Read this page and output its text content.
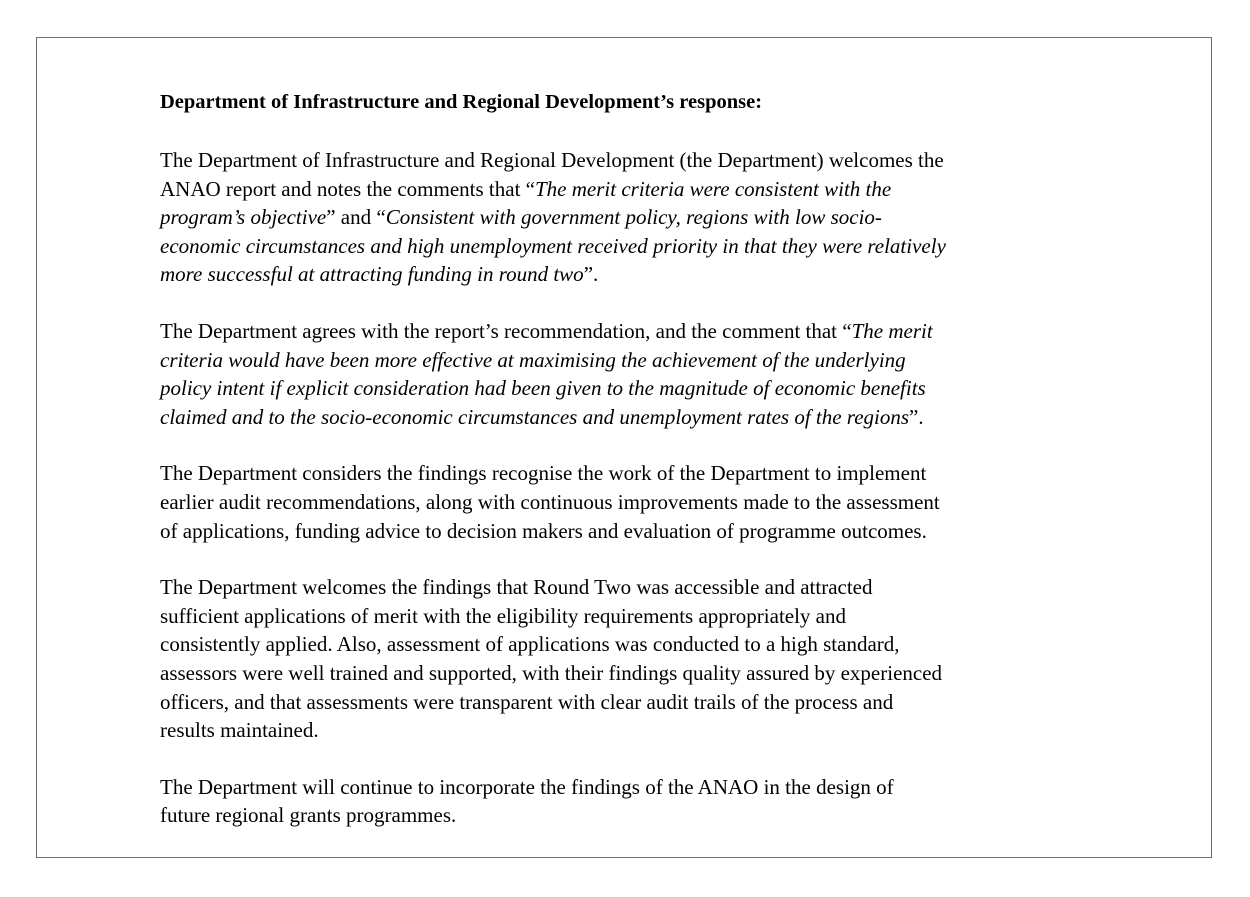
Department of Infrastructure and Regional Development’s response:
The Department of Infrastructure and Regional Development (the Department) welcomes the
ANAO report and notes the comments that “The merit criteria were consistent with the
program’s objective” and “Consistent with government policy, regions with low socio-
economic circumstances and high unemployment received priority in that they were relatively
more successful at attracting funding in round two”.
The Department agrees with the report’s recommendation, and the comment that “The merit
criteria would have been more effective at maximising the achievement of the underlying
policy intent if explicit consideration had been given to the magnitude of economic benefits
claimed and to the socio-economic circumstances and unemployment rates of the regions”.
The Department considers the findings recognise the work of the Department to implement
earlier audit recommendations, along with continuous improvements made to the assessment
of applications, funding advice to decision makers and evaluation of programme outcomes.
The Department welcomes the findings that Round Two was accessible and attracted
sufficient applications of merit with the eligibility requirements appropriately and
consistently applied. Also, assessment of applications was conducted to a high standard,
assessors were well trained and supported, with their findings quality assured by experienced
officers, and that assessments were transparent with clear audit trails of the process and
results maintained.
The Department will continue to incorporate the findings of the ANAO in the design of
future regional grants programmes.
